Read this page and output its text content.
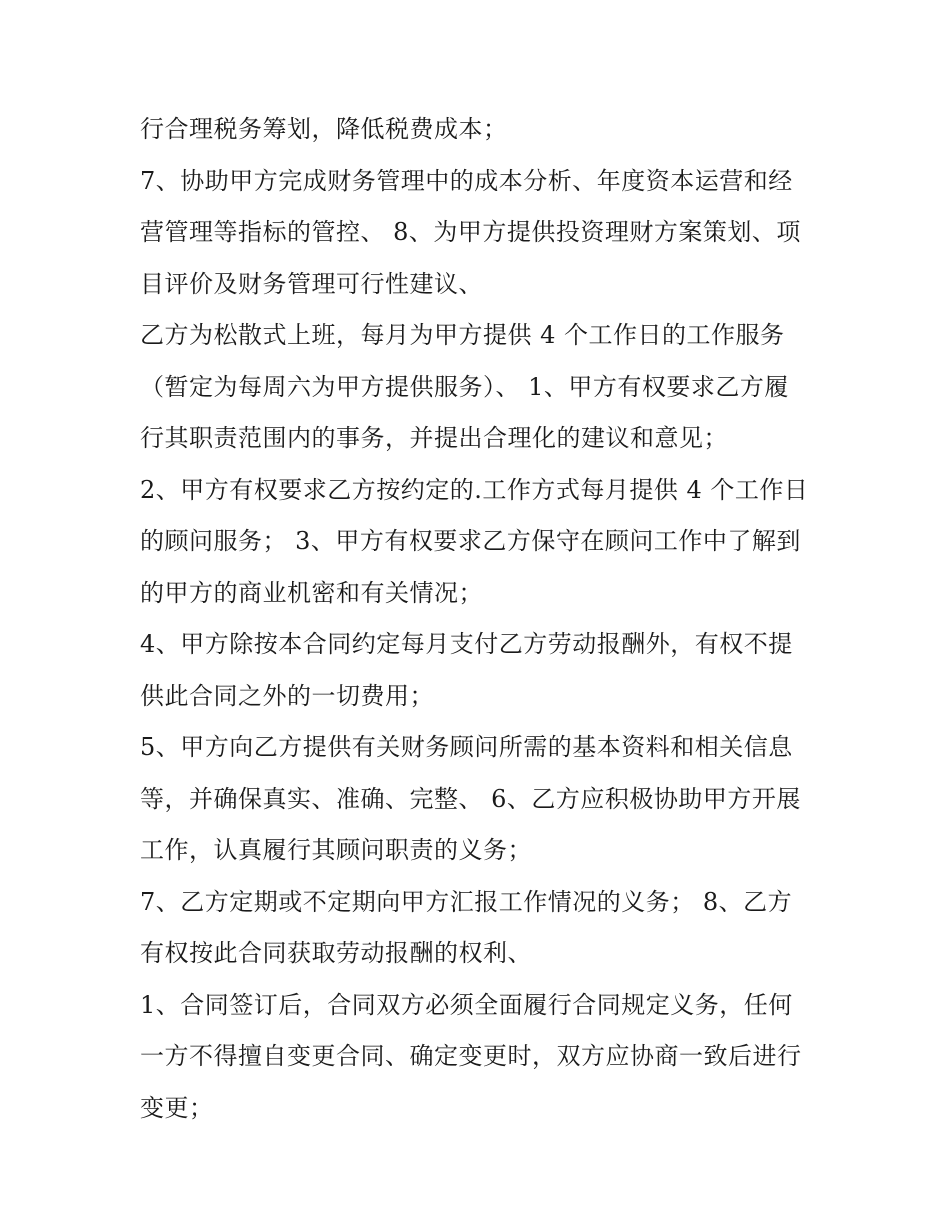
行合理税务筹划，降低税费成本；
7、协助甲方完成财务管理中的成本分析、年度资本运营和经
营管理等指标的管控、 8、为甲方提供投资理财方案策划、项
目评价及财务管理可行性建议、
乙方为松散式上班，每月为甲方提供 4 个工作日的工作服务
（暂定为每周六为甲方提供服务）、 1、甲方有权要求乙方履
行其职责范围内的事务，并提出合理化的建议和意见；
2、甲方有权要求乙方按约定的.工作方式每月提供 4 个工作日
的顾问服务； 3、甲方有权要求乙方保守在顾问工作中了解到
的甲方的商业机密和有关情况；
4、甲方除按本合同约定每月支付乙方劳动报酬外，有权不提
供此合同之外的一切费用；
5、甲方向乙方提供有关财务顾问所需的基本资料和相关信息
等，并确保真实、准确、完整、 6、乙方应积极协助甲方开展
工作，认真履行其顾问职责的义务；
7、乙方定期或不定期向甲方汇报工作情况的义务； 8、乙方
有权按此合同获取劳动报酬的权利、
1、合同签订后，合同双方必须全面履行合同规定义务，任何
一方不得擅自变更合同、确定变更时，双方应协商一致后进行
变更；
